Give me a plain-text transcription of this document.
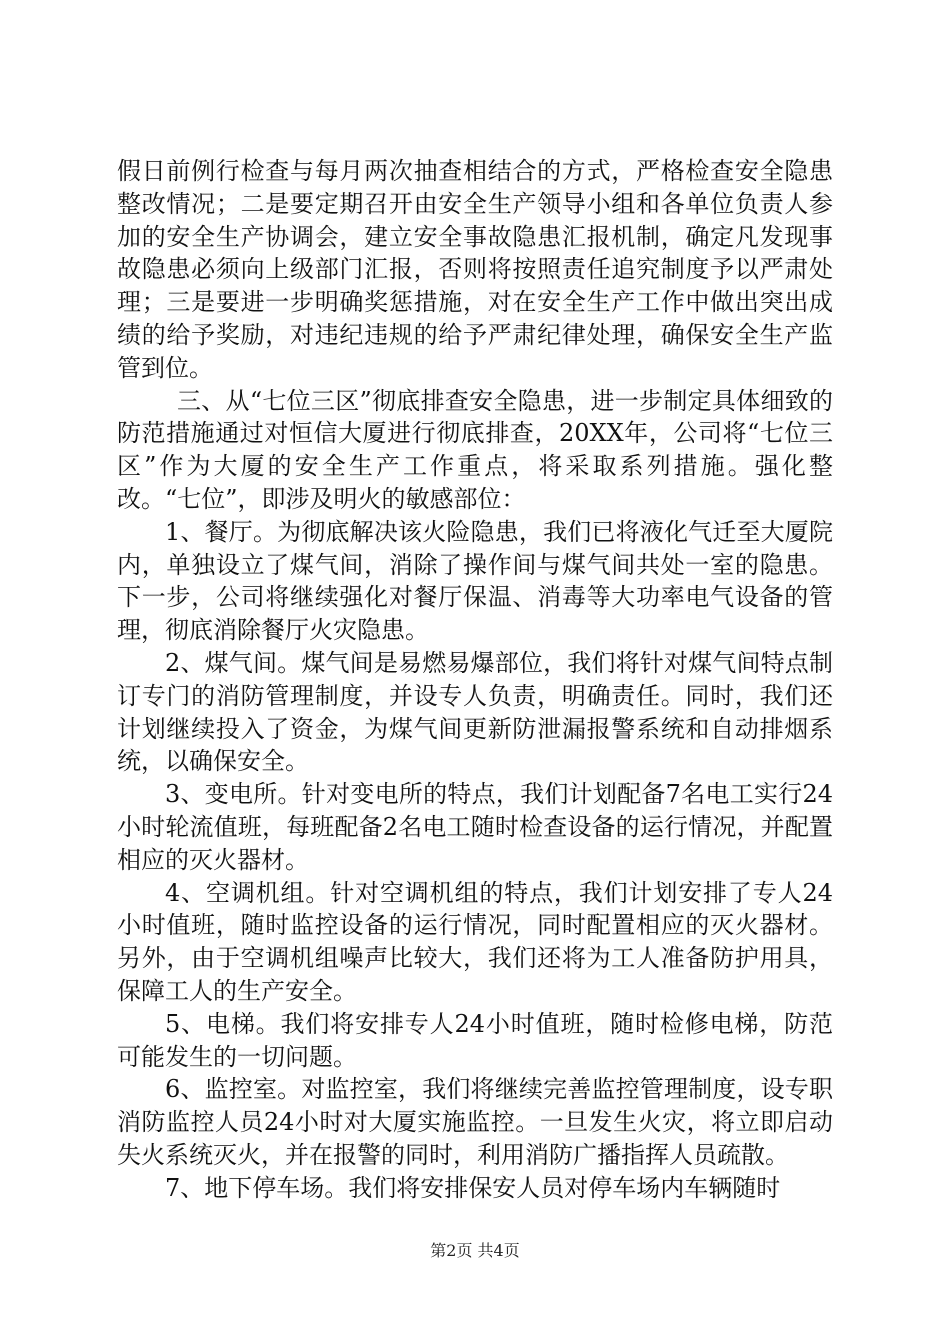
假日前例行检查与每月两次抽查相结合的方式，严格检查安全隐患整改情况；二是要定期召开由安全生产领导小组和各单位负责人参加的安全生产协调会，建立安全事故隐患汇报机制，确定凡发现事故隐患必须向上级部门汇报，否则将按照责任追究制度予以严肃处理；三是要进一步明确奖惩措施，对在安全生产工作中做出突出成绩的给予奖励，对违纪违规的给予严肃纪律处理，确保安全生产监管到位。

三、从“七位三区”彻底排查安全隐患，进一步制定具体细致的防范措施通过对恒信大厦进行彻底排查，20XX年，公司将“七位三区”作为大厦的安全生产工作重点，将采取系列措施。强化整改。“七位”，即涉及明火的敏感部位：

1、餐厅。为彻底解决该火险隐患，我们已将液化气迁至大厦院内，单独设立了煤气间，消除了操作间与煤气间共处一室的隐患。下一步，公司将继续强化对餐厅保温、消毒等大功率电气设备的管理，彻底消除餐厅火灾隐患。

2、煤气间。煤气间是易燃易爆部位，我们将针对煤气间特点制订专门的消防管理制度，并设专人负责，明确责任。同时，我们还计划继续投入了资金，为煤气间更新防泄漏报警系统和自动排烟系统，以确保安全。

3、变电所。针对变电所的特点，我们计划配备7名电工实行24小时轮流值班，每班配备2名电工随时检查设备的运行情况，并配置相应的灭火器材。

4、空调机组。针对空调机组的特点，我们计划安排了专人24小时值班，随时监控设备的运行情况，同时配置相应的灭火器材。另外，由于空调机组噪声比较大，我们还将为工人准备防护用具，保障工人的生产安全。

5、电梯。我们将安排专人24小时值班，随时检修电梯，防范可能发生的一切问题。

6、监控室。对监控室，我们将继续完善监控管理制度，设专职消防监控人员24小时对大厦实施监控。一旦发生火灾，将立即启动失火系统灭火，并在报警的同时，利用消防广播指挥人员疏散。

7、地下停车场。我们将安排保安人员对停车场内车辆随时

第2页 共4页
